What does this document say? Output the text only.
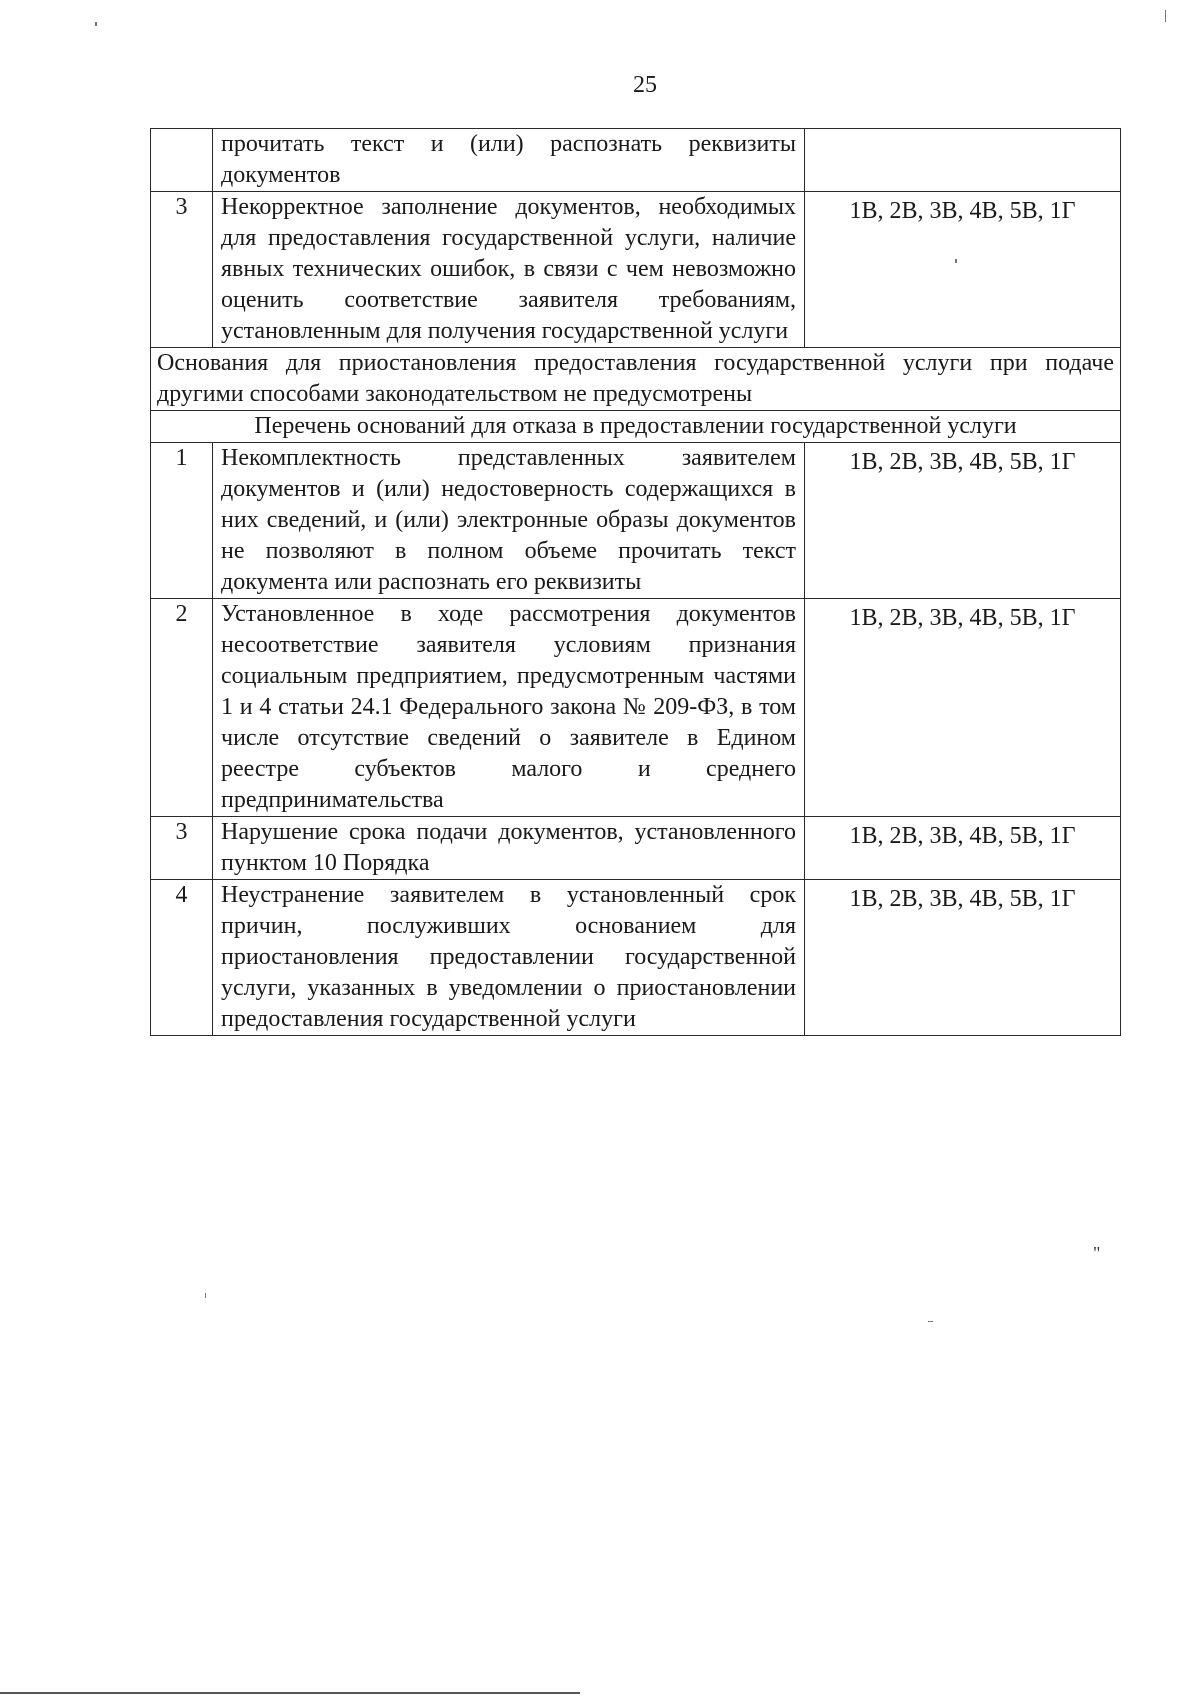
25
	прочитать текст и (или) распознать реквизиты документов	
3	Некорректное заполнение документов, необходимых для предоставления государственной услуги, наличие явных технических ошибок, в связи с чем невозможно оценить соответствие заявителя требованиям, установленным для получения государственной услуги	1В, 2В, 3В, 4В, 5В, 1Г
Основания для приостановления предоставления государственной услуги при подаче другими способами законодательством не предусмотрены		
Перечень оснований для отказа в предоставлении государственной услуги		
1	Некомплектность представленных заявителем документов и (или) недостоверность содержащихся в них сведений, и (или) электронные образы документов не позволяют в полном объеме прочитать текст документа или распознать его реквизиты	1В, 2В, 3В, 4В, 5В, 1Г
2	Установленное в ходе рассмотрения документов несоответствие заявителя условиям признания социальным предприятием, предусмотренным частями 1 и 4 статьи 24.1 Федерального закона № 209-ФЗ, в том числе отсутствие сведений о заявителе в Едином реестре субъектов малого и среднего предпринимательства	1В, 2В, 3В, 4В, 5В, 1Г
3	Нарушение срока подачи документов, установленного пунктом 10 Порядка	1В, 2В, 3В, 4В, 5В, 1Г
4	Неустранение заявителем в установленный срок причин, послуживших основанием для приостановления предоставлении государственной услуги, указанных в уведомлении о приостановлении предоставления государственной услуги	1В, 2В, 3В, 4В, 5В, 1Г
"
